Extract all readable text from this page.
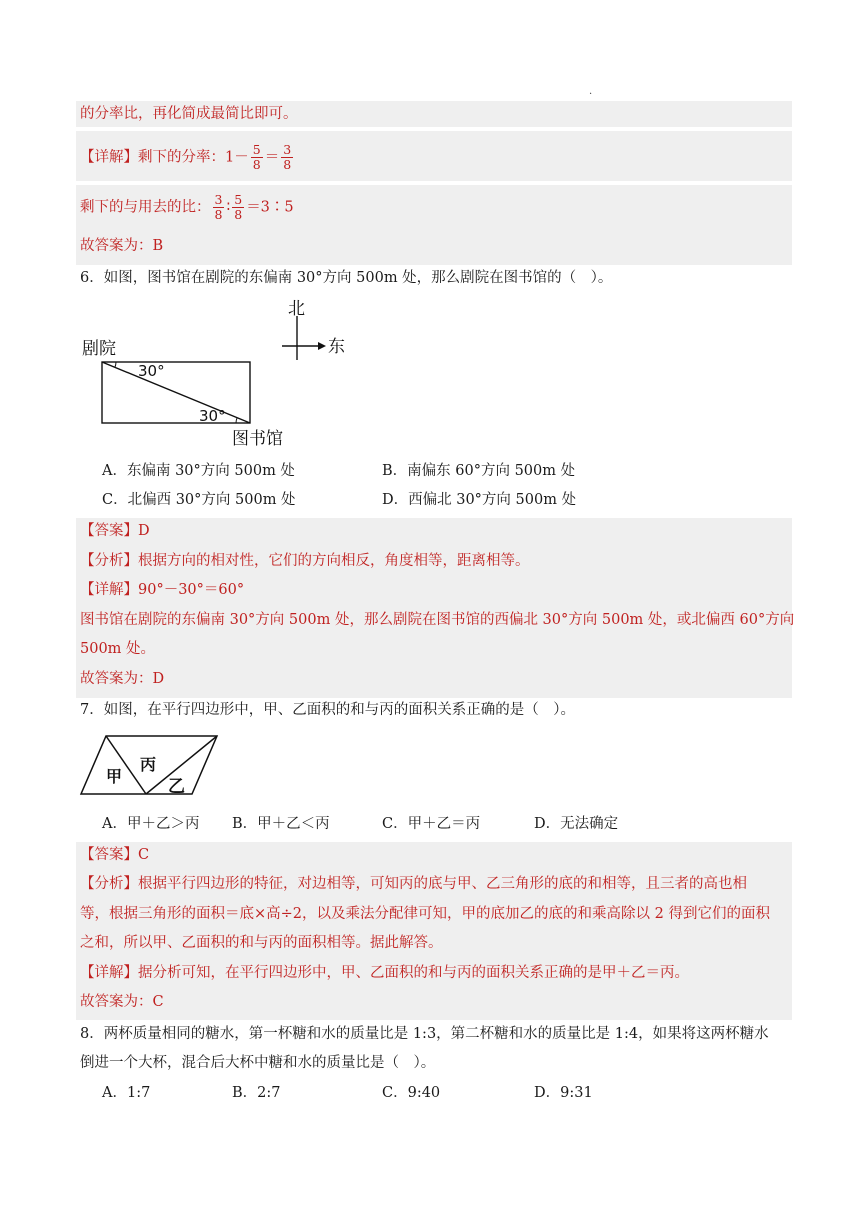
.
的分率比，再化简成最简比即可。
【详解】剩下的分率：$1- \frac{5}{8} = \frac{3}{8}$
剩下的与用去的比： $\frac{3}{8}$ ∶ $\frac{5}{8}$ ＝3∶5
故答案为：B
6．如图，图书馆在剧院的东偏南 30°方向 500m 处，那么剧院在图书馆的（　）。
北
东
剧院
30°
30°
图书馆
A．东偏南 30°方向 500m 处	B．南偏东 60°方向 500m 处
C．北偏西 30°方向 500m 处	D．西偏北 30°方向 500m 处
【答案】D
【分析】根据方向的相对性，它们的方向相反，角度相等，距离相等。
【详解】90°－30°＝60°
图书馆在剧院的东偏南 30°方向 500m 处，那么剧院在图书馆的西偏北 30°方向 500m 处，或北偏西 60°方向
500m 处。
故答案为：D
7．如图，在平行四边形中，甲、乙面积的和与丙的面积关系正确的是（　）。
甲
丙
乙
A．甲＋乙＞丙 B．甲＋乙＜丙	C．甲＋乙＝丙	D．无法确定
【答案】C
【分析】根据平行四边形的特征，对边相等，可知丙的底与甲、乙三角形的底的和相等，且三者的高也相
等，根据三角形的面积＝底×高÷2，以及乘法分配律可知，甲的底加乙的底的和乘高除以 2 得到它们的面积
之和，所以甲、乙面积的和与丙的面积相等。据此解答。
【详解】据分析可知，在平行四边形中，甲、乙面积的和与丙的面积关系正确的是甲＋乙＝丙。
故答案为：C
8．两杯质量相同的糖水，第一杯糖和水的质量比是 1:3，第二杯糖和水的质量比是 1:4，如果将这两杯糖水
倒进一个大杯，混合后大杯中糖和水的质量比是（　）。
A．1:7	B．2:7	C．9:40	D．9:31
